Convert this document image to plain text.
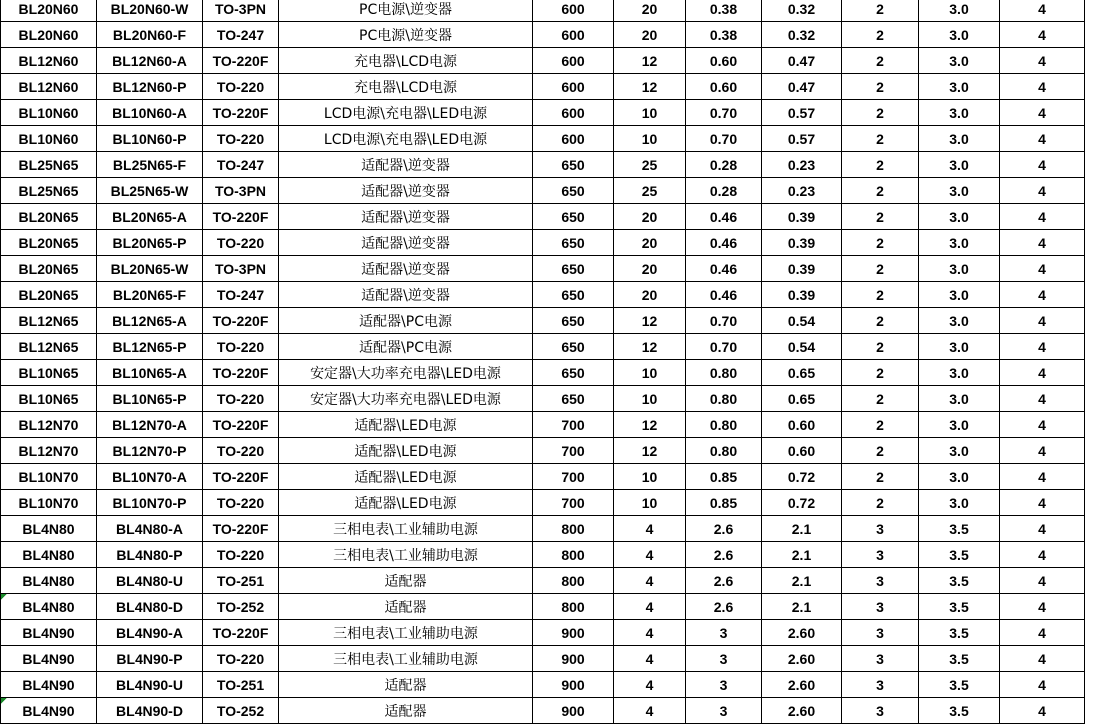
BL20N60	BL20N60-W	TO-3PN	PC电源\逆变器	600	20	0.38	0.32	2	3.0	4
BL20N60	BL20N60-F	TO-247	PC电源\逆变器	600	20	0.38	0.32	2	3.0	4
BL12N60	BL12N60-A	TO-220F	充电器\LCD电源	600	12	0.60	0.47	2	3.0	4
BL12N60	BL12N60-P	TO-220	充电器\LCD电源	600	12	0.60	0.47	2	3.0	4
BL10N60	BL10N60-A	TO-220F	LCD电源\充电器\LED电源	600	10	0.70	0.57	2	3.0	4
BL10N60	BL10N60-P	TO-220	LCD电源\充电器\LED电源	600	10	0.70	0.57	2	3.0	4
BL25N65	BL25N65-F	TO-247	适配器\逆变器	650	25	0.28	0.23	2	3.0	4
BL25N65	BL25N65-W	TO-3PN	适配器\逆变器	650	25	0.28	0.23	2	3.0	4
BL20N65	BL20N65-A	TO-220F	适配器\逆变器	650	20	0.46	0.39	2	3.0	4
BL20N65	BL20N65-P	TO-220	适配器\逆变器	650	20	0.46	0.39	2	3.0	4
BL20N65	BL20N65-W	TO-3PN	适配器\逆变器	650	20	0.46	0.39	2	3.0	4
BL20N65	BL20N65-F	TO-247	适配器\逆变器	650	20	0.46	0.39	2	3.0	4
BL12N65	BL12N65-A	TO-220F	适配器\PC电源	650	12	0.70	0.54	2	3.0	4
BL12N65	BL12N65-P	TO-220	适配器\PC电源	650	12	0.70	0.54	2	3.0	4
BL10N65	BL10N65-A	TO-220F	安定器\大功率充电器\LED电源	650	10	0.80	0.65	2	3.0	4
BL10N65	BL10N65-P	TO-220	安定器\大功率充电器\LED电源	650	10	0.80	0.65	2	3.0	4
BL12N70	BL12N70-A	TO-220F	适配器\LED电源	700	12	0.80	0.60	2	3.0	4
BL12N70	BL12N70-P	TO-220	适配器\LED电源	700	12	0.80	0.60	2	3.0	4
BL10N70	BL10N70-A	TO-220F	适配器\LED电源	700	10	0.85	0.72	2	3.0	4
BL10N70	BL10N70-P	TO-220	适配器\LED电源	700	10	0.85	0.72	2	3.0	4
BL4N80	BL4N80-A	TO-220F	三相电表\工业辅助电源	800	4	2.6	2.1	3	3.5	4
BL4N80	BL4N80-P	TO-220	三相电表\工业辅助电源	800	4	2.6	2.1	3	3.5	4
BL4N80	BL4N80-U	TO-251	适配器	800	4	2.6	2.1	3	3.5	4
BL4N80	BL4N80-D	TO-252	适配器	800	4	2.6	2.1	3	3.5	4
BL4N90	BL4N90-A	TO-220F	三相电表\工业辅助电源	900	4	3	2.60	3	3.5	4
BL4N90	BL4N90-P	TO-220	三相电表\工业辅助电源	900	4	3	2.60	3	3.5	4
BL4N90	BL4N90-U	TO-251	适配器	900	4	3	2.60	3	3.5	4
BL4N90	BL4N90-D	TO-252	适配器	900	4	3	2.60	3	3.5	4
